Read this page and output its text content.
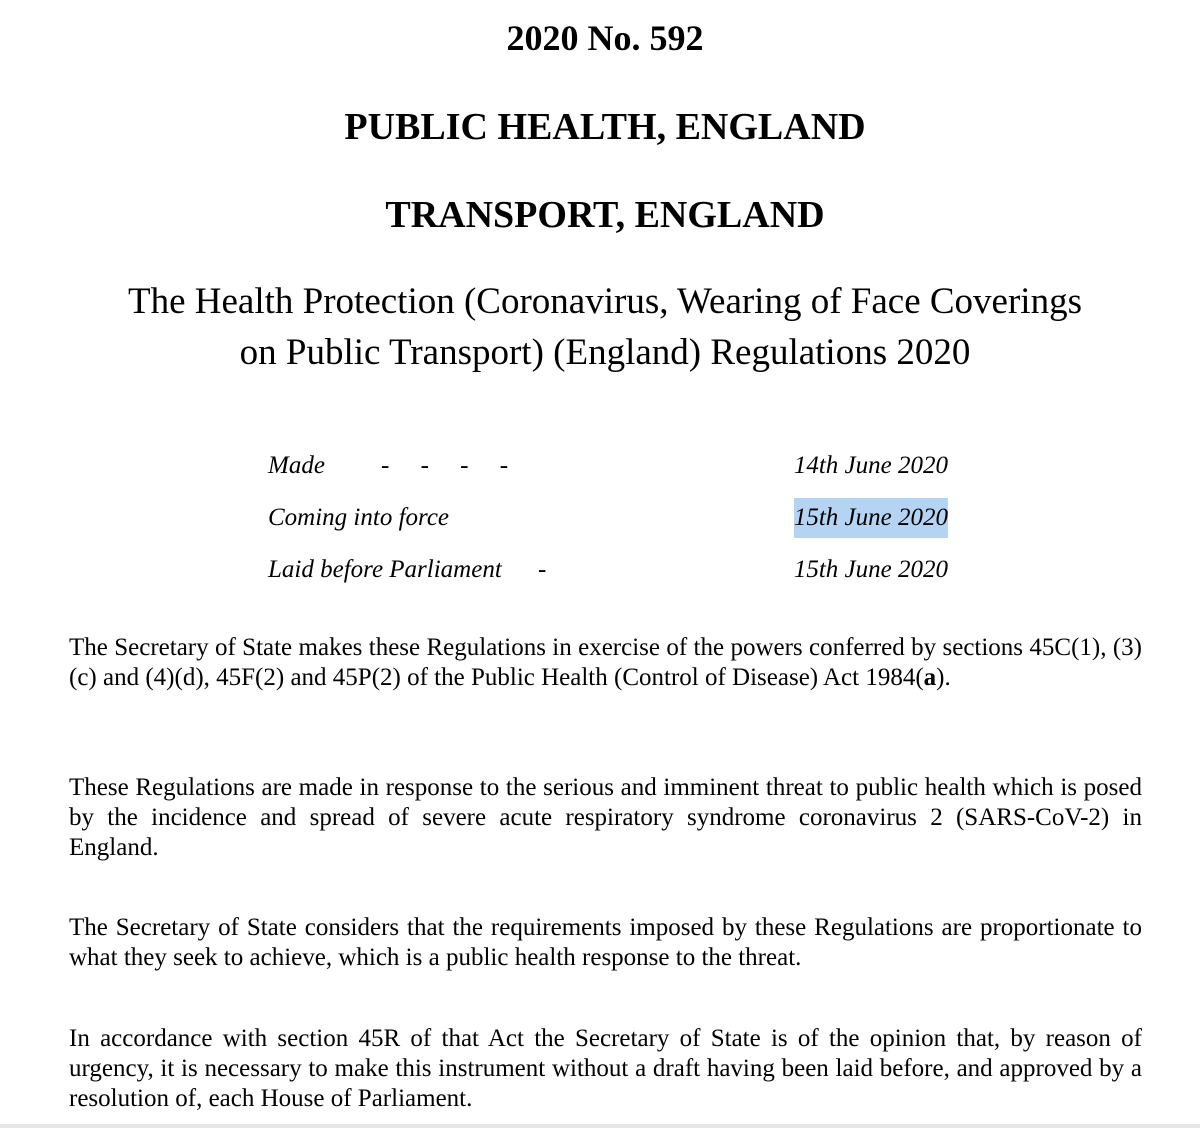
2020 No. 592
PUBLIC HEALTH, ENGLAND
TRANSPORT, ENGLAND
The Health Protection (Coronavirus, Wearing of Face Coverings
on Public Transport) (England) Regulations 2020
Made -     -     -     -	14th June 2020
Coming into force	15th June 2020
Laid before Parliament -	15th June 2020

The Secretary of State makes these Regulations in exercise of the powers conferred by sections 45C(1), (3)(c) and (4)(d), 45F(2) and 45P(2) of the Public Health (Control of Disease) Act 1984(a).

These Regulations are made in response to the serious and imminent threat to public health which is posed by the incidence and spread of severe acute respiratory syndrome coronavirus 2 (SARS-CoV-2) in England.

The Secretary of State considers that the requirements imposed by these Regulations are proportionate to what they seek to achieve, which is a public health response to the threat.

In accordance with section 45R of that Act the Secretary of State is of the opinion that, by reason of urgency, it is necessary to make this instrument without a draft having been laid before, and approved by a resolution of, each House of Parliament.
